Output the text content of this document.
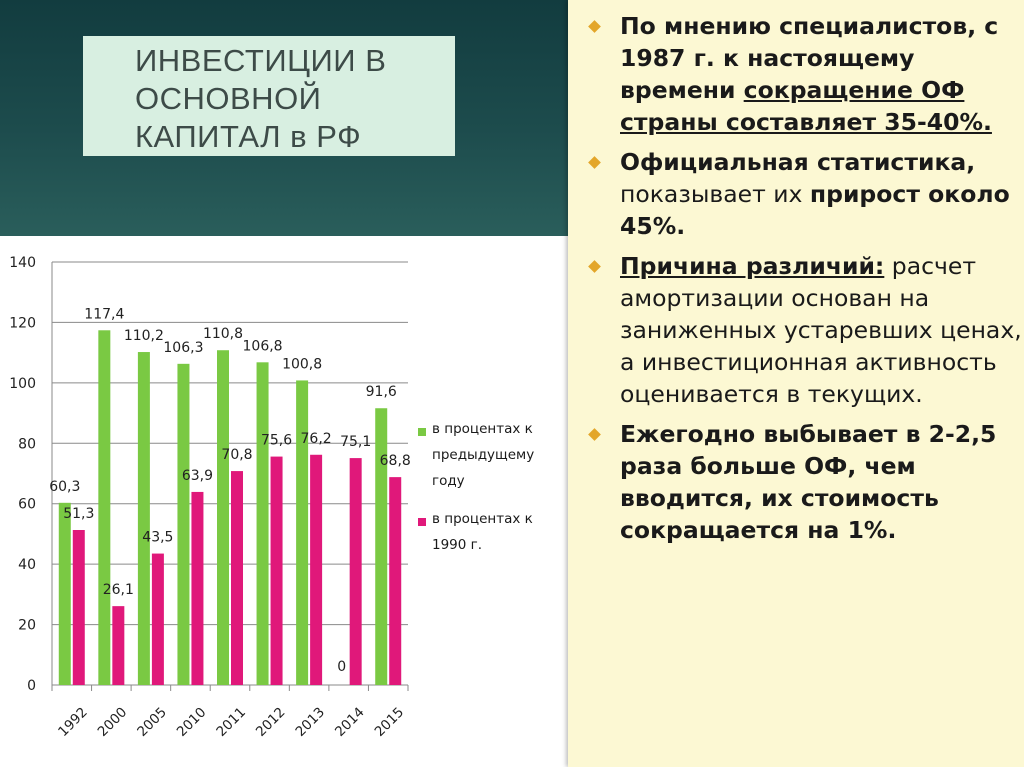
ИНВЕСТИЦИИ В
ОСНОВНОЙ
КАПИТАЛ в РФ
По мнению специалистов, с 1987 г. к настоящему времени сокращение ОФ страны составляет 35-40%.
Официальная статистика, показывает их прирост около 45%.
Причина различий: расчет амортизации основан на заниженных устаревших ценах, а инвестиционная активность оценивается в текущих.
Ежегодно выбывает в 2-2,5 раза больше ОФ, чем вводится, их стоимость сокращается на 1%.
0
20
40
60
80
100
120
140
60,3
51,3
1992
117,4
26,1
2000
110,2
43,5
2005
106,3
63,9
2010
110,8
70,8
2011
106,8
75,6
2012
100,8
76,2
2013
0
75,1
2014
91,6
68,8
2015
в процентах к предыдущему году
в процентах к 1990 г.
